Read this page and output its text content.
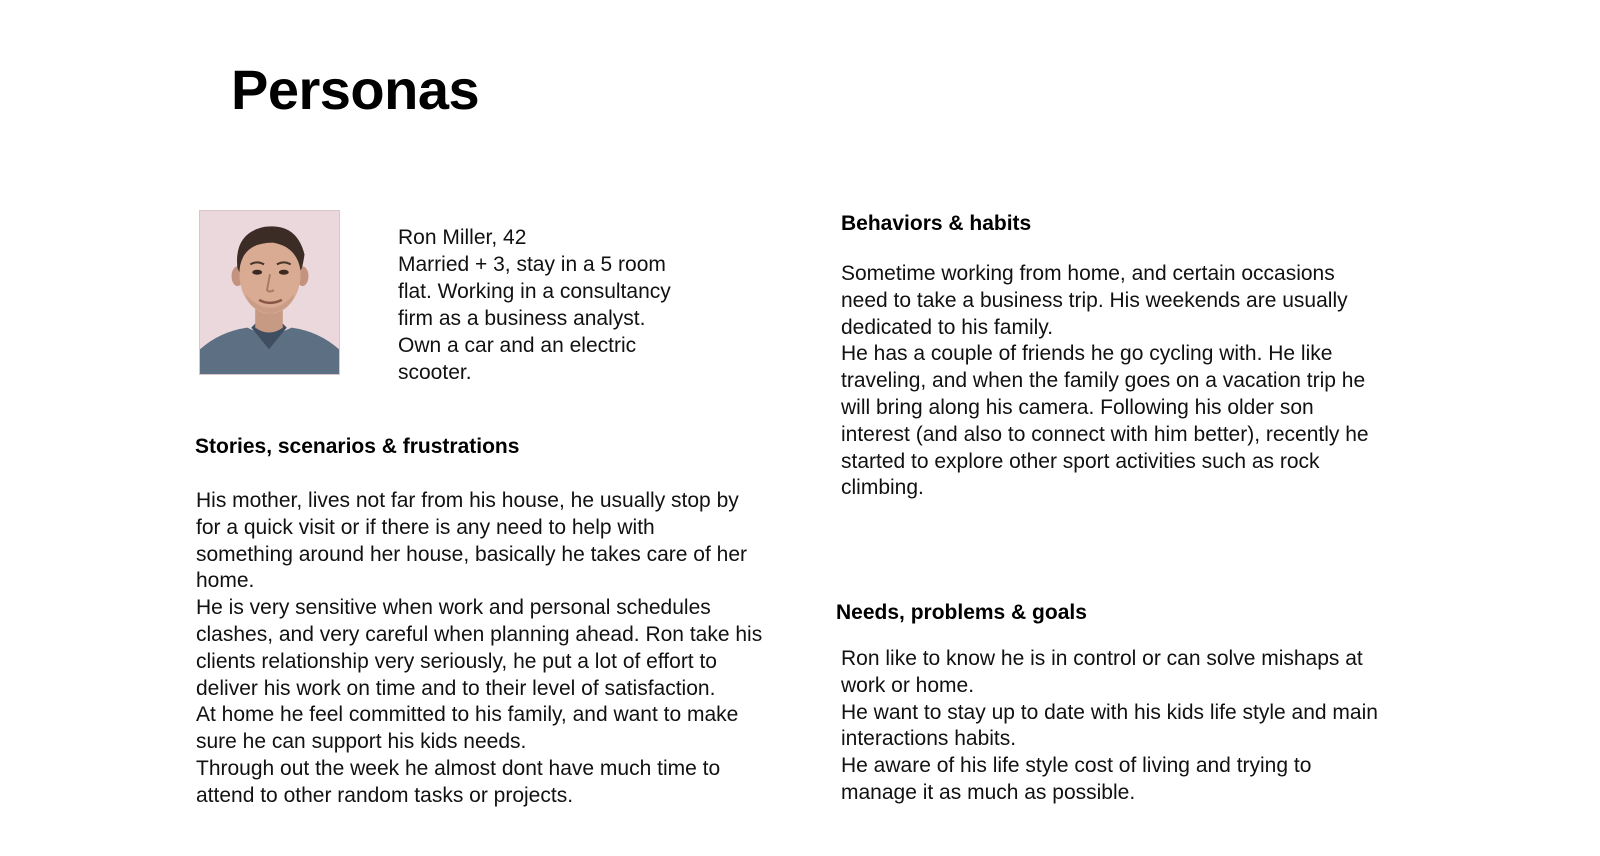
Personas
Ron Miller, 42
Married + 3, stay in a 5 room
flat. Working in a consultancy
firm as a business analyst.
Own a car and an electric
scooter.
Stories, scenarios & frustrations
His mother, lives not far from his house, he usually stop by
for a quick visit or if there is any need to help with
something around her house, basically he takes care of her
home.
He is very sensitive when work and personal schedules
clashes, and very careful when planning ahead. Ron take his
clients relationship very seriously, he put a lot of effort to
deliver his work on time and to their level of satisfaction.
At home he feel committed to his family, and want to make
sure he can support his kids needs.
Through out the week he almost dont have much time to
attend to other random tasks or projects.
Behaviors & habits
Sometime working from home, and certain occasions
need to take a business trip. His weekends are usually
dedicated to his family.
He has a couple of friends he go cycling with. He like
traveling, and when the family goes on a vacation trip he
will bring along his camera. Following his older son
interest (and also to connect with him better), recently he
started to explore other sport activities such as rock
climbing.
Needs, problems & goals
Ron like to know he is in control or can solve mishaps at
work or home.
He want to stay up to date with his kids life style and main
interactions habits.
He aware of his life style cost of living and trying to
manage it as much as possible.
